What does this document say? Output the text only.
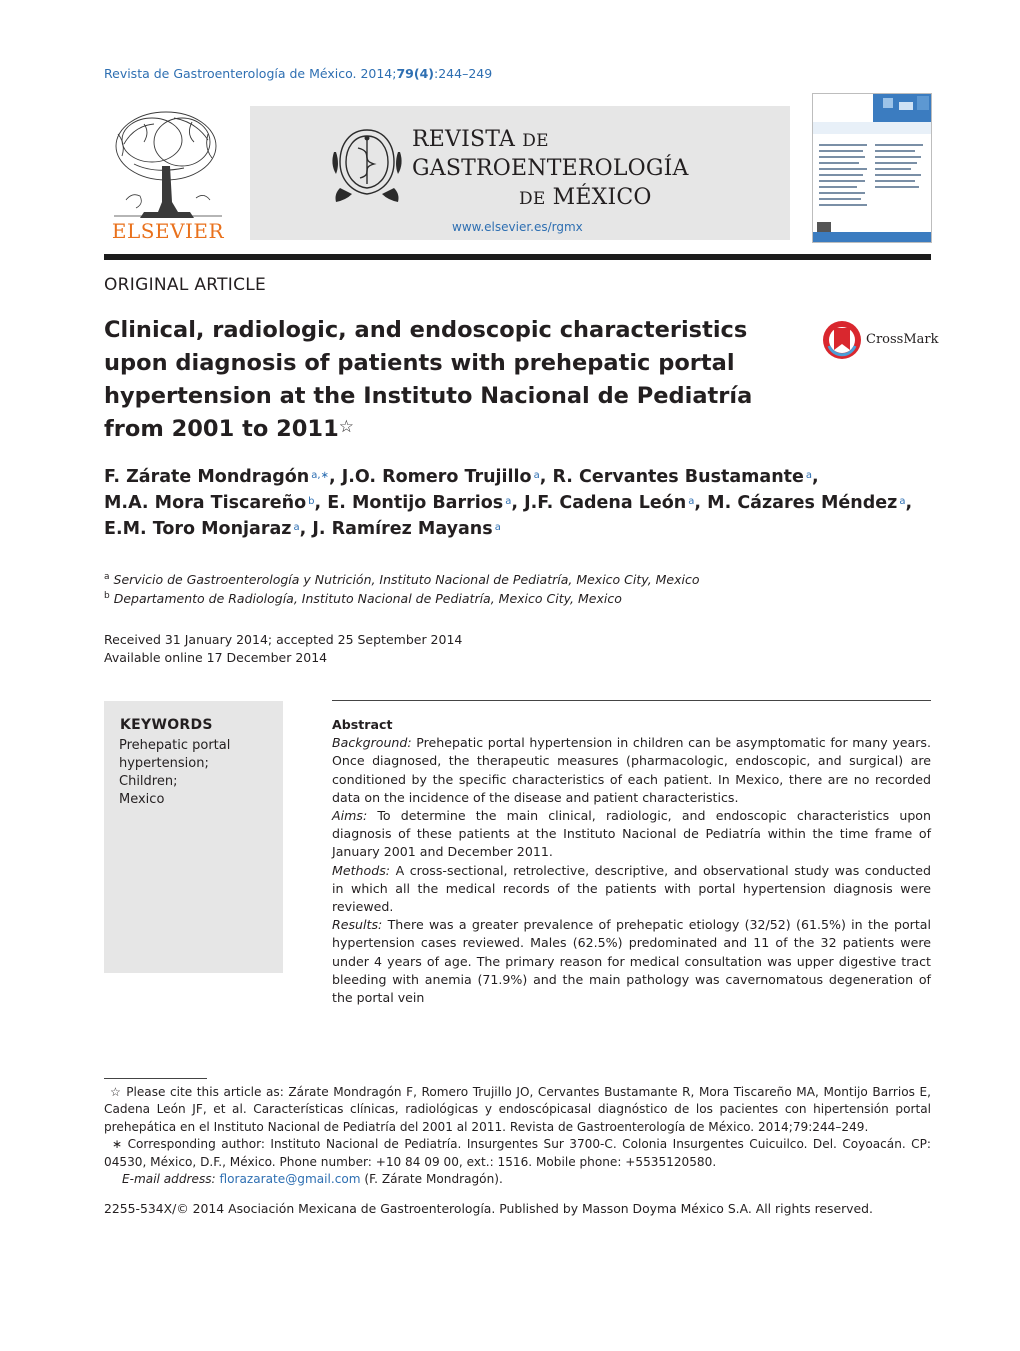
Revista de Gastroenterología de México. 2014;79(4):244–249
ELSEVIER
REVISTA DE
GASTROENTEROLOGÍA
DE MÉXICO
www.elsevier.es/rgmx
ORIGINAL ARTICLE
Clinical, radiologic, and endoscopic characteristics upon diagnosis of patients with prehepatic portal hypertension at the Instituto Nacional de Pediatría from 2001 to 2011☆
CrossMark
F. Zárate Mondragón $^{a,∗}$, J.O. Romero Trujillo $^a$, R. Cervantes Bustamante $^a$,
M.A. Mora Tiscareño $^b$, E. Montijo Barrios $^a$, J.F. Cadena León $^a$, M. Cázares Méndez $^a$,
E.M. Toro Monjaraz $^a$, J. Ramírez Mayans $^a$
$^a$ Servicio de Gastroenterología y Nutrición, Instituto Nacional de Pediatría, Mexico City, Mexico
$^b$ Departamento de Radiología, Instituto Nacional de Pediatría, Mexico City, Mexico
Received 31 January 2014; accepted 25 September 2014
Available online 17 December 2014
KEYWORDS
Prehepatic portal
hypertension;
Children;
Mexico
Abstract

Background: Prehepatic portal hypertension in children can be asymptomatic for many years. Once diagnosed, the therapeutic measures (pharmacologic, endoscopic, and surgical) are conditioned by the specific characteristics of each patient. In Mexico, there are no recorded data on the incidence of the disease and patient characteristics.

Aims: To determine the main clinical, radiologic, and endoscopic characteristics upon diagnosis of these patients at the Instituto Nacional de Pediatría within the time frame of January 2001 and December 2011.

Methods: A cross-sectional, retrolective, descriptive, and observational study was conducted in which all the medical records of the patients with portal hypertension diagnosis were reviewed.

Results: There was a greater prevalence of prehepatic etiology (32/52) (61.5%) in the portal hypertension cases reviewed. Males (62.5%) predominated and 11 of the 32 patients were under 4 years of age. The primary reason for medical consultation was upper digestive tract bleeding with anemia (71.9%) and the main pathology was cavernomatous degeneration of the portal vein

☆ Please cite this article as: Zárate Mondragón F, Romero Trujillo JO, Cervantes Bustamante R, Mora Tiscareño MA, Montijo Barrios E, Cadena León JF, et al. Características clínicas, radiológicas y endoscópicasal diagnóstico de los pacientes con hipertensión portal prehepática en el Instituto Nacional de Pediatría del 2001 al 2011. Revista de Gastroenterología de México. 2014;79:244–249.

∗ Corresponding author: Instituto Nacional de Pediatría. Insurgentes Sur 3700-C. Colonia Insurgentes Cuicuilco. Del. Coyoacán. CP: 04530, México, D.F., México. Phone number: +10 84 09 00, ext.: 1516. Mobile phone: +5535120580.

E-mail address: florazarate@gmail.com (F. Zárate Mondragón).

2255-534X/© 2014 Asociación Mexicana de Gastroenterología. Published by Masson Doyma México S.A. All rights reserved.
